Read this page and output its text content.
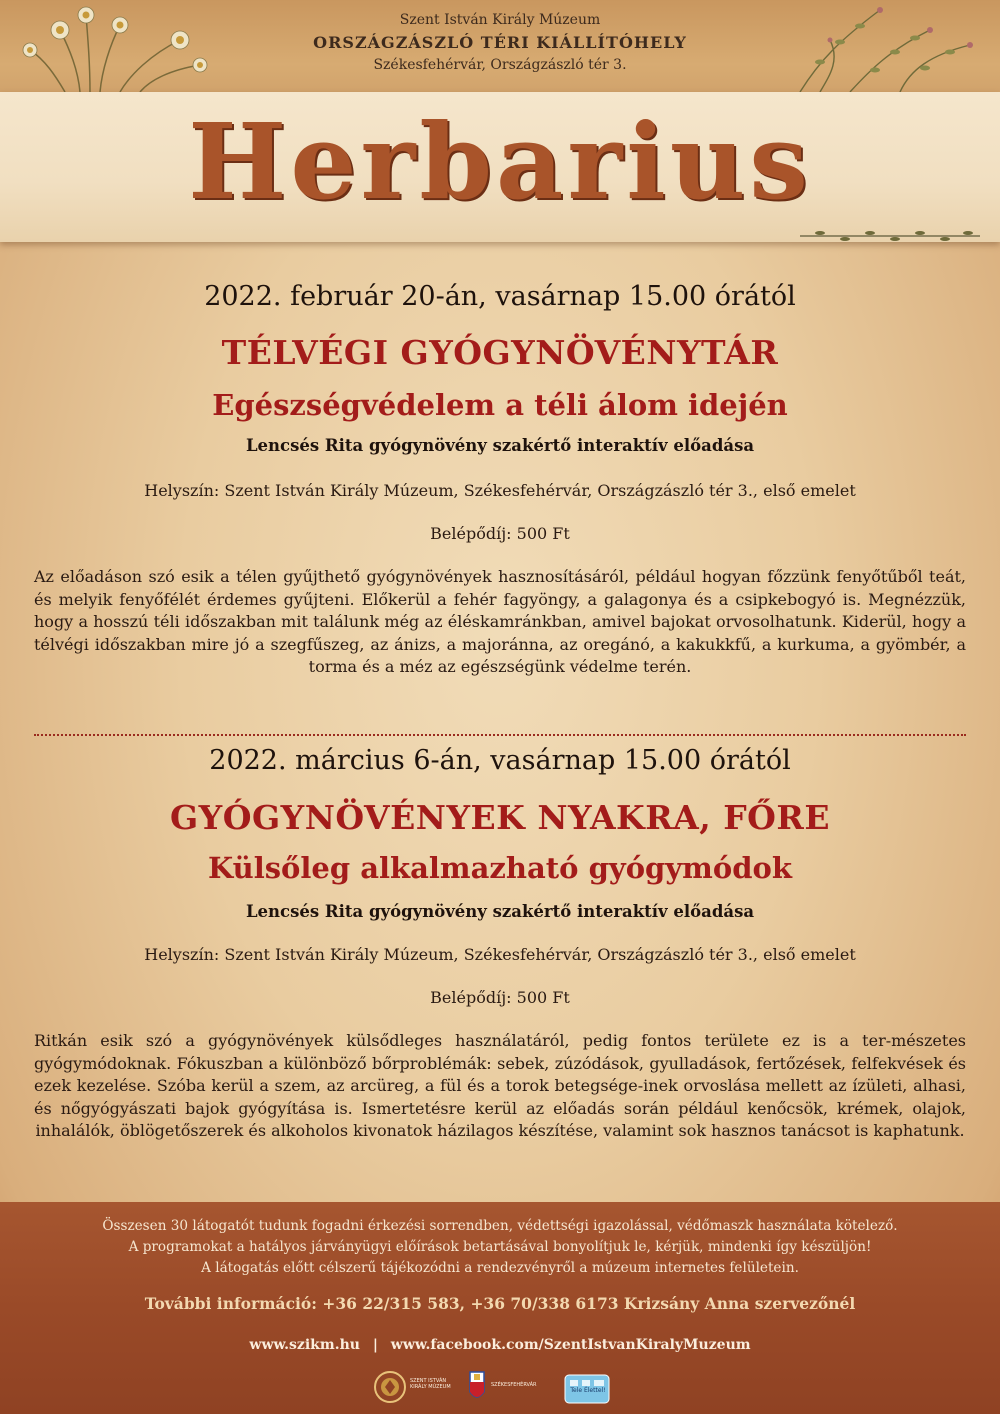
Szent István Király Múzeum
ORSZÁGZÁSZLÓ TÉRI KIÁLLÍTÓHELY
Székesfehérvár, Országzászló tér 3.
Herbarius
2022. február 20-án, vasárnap 15.00 órától
TÉLVÉGI GYÓGYNÖVÉNYTÁR
Egészségvédelem a téli álom idején
Lencsés Rita gyógynövény szakértő interaktív előadása
Helyszín: Szent István Király Múzeum, Székesfehérvár, Országzászló tér 3., első emelet
Belépődíj: 500 Ft
Az előadáson szó esik a télen gyűjthető gyógynövények hasznosításáról, például hogyan főzzünk fenyőtűből teát, és melyik fenyőfélét érdemes gyűjteni. Előkerül a fehér fagyöngy, a galagonya és a csipkebogyó is. Megnézzük, hogy a hosszú téli időszakban mit találunk még az éléskamránkban, amivel bajokat orvosolhatunk. Kiderül, hogy a télvégi időszakban mire jó a szegfűszeg, az ánizs, a majoránna, az oregánó, a kakukkfű, a kurkuma, a gyömbér, a torma és a méz az egészségünk védelme terén.
2022. március 6-án, vasárnap 15.00 órától
GYÓGYNÖVÉNYEK NYAKRA, FŐRE
Külsőleg alkalmazható gyógymódok
Lencsés Rita gyógynövény szakértő interaktív előadása
Helyszín: Szent István Király Múzeum, Székesfehérvár, Országzászló tér 3., első emelet
Belépődíj: 500 Ft
Ritkán esik szó a gyógynövények külsődleges használatáról, pedig fontos területe ez is a ter-mészetes gyógymódoknak. Fókuszban a különböző bőrproblémák: sebek, zúzódások, gyulladások, fertőzések, felfekvések és ezek kezelése. Szóba kerül a szem, az arcüreg, a fül és a torok betegsége-inek orvoslása mellett az ízületi, alhasi, és nőgyógyászati bajok gyógyítása is. Ismertetésre kerül az előadás során például kenőcsök, krémek, olajok, inhalálók, öblögetőszerek és alkoholos kivonatok házilagos készítése, valamint sok hasznos tanácsot is kaphatunk.
Összesen 30 látogatót tudunk fogadni érkezési sorrendben, védettségi igazolással, védőmaszk használata kötelező.
A programokat a hatályos járványügyi előírások betartásával bonyolítjuk le, kérjük, mindenki így készüljön!
A látogatás előtt célszerű tájékozódni a rendezvényről a múzeum internetes felületein.
További információ: +36 22/315 583, +36 70/338 6173 Krizsány Anna szervezőnél
www.szikm.hu | www.facebook.com/SzentIstvanKiralyMuzeum
SZENT ISTVÁN KIRÁLY MÚZEUM	SZÉKESFEHÉRVÁR
Tele Élettel!
